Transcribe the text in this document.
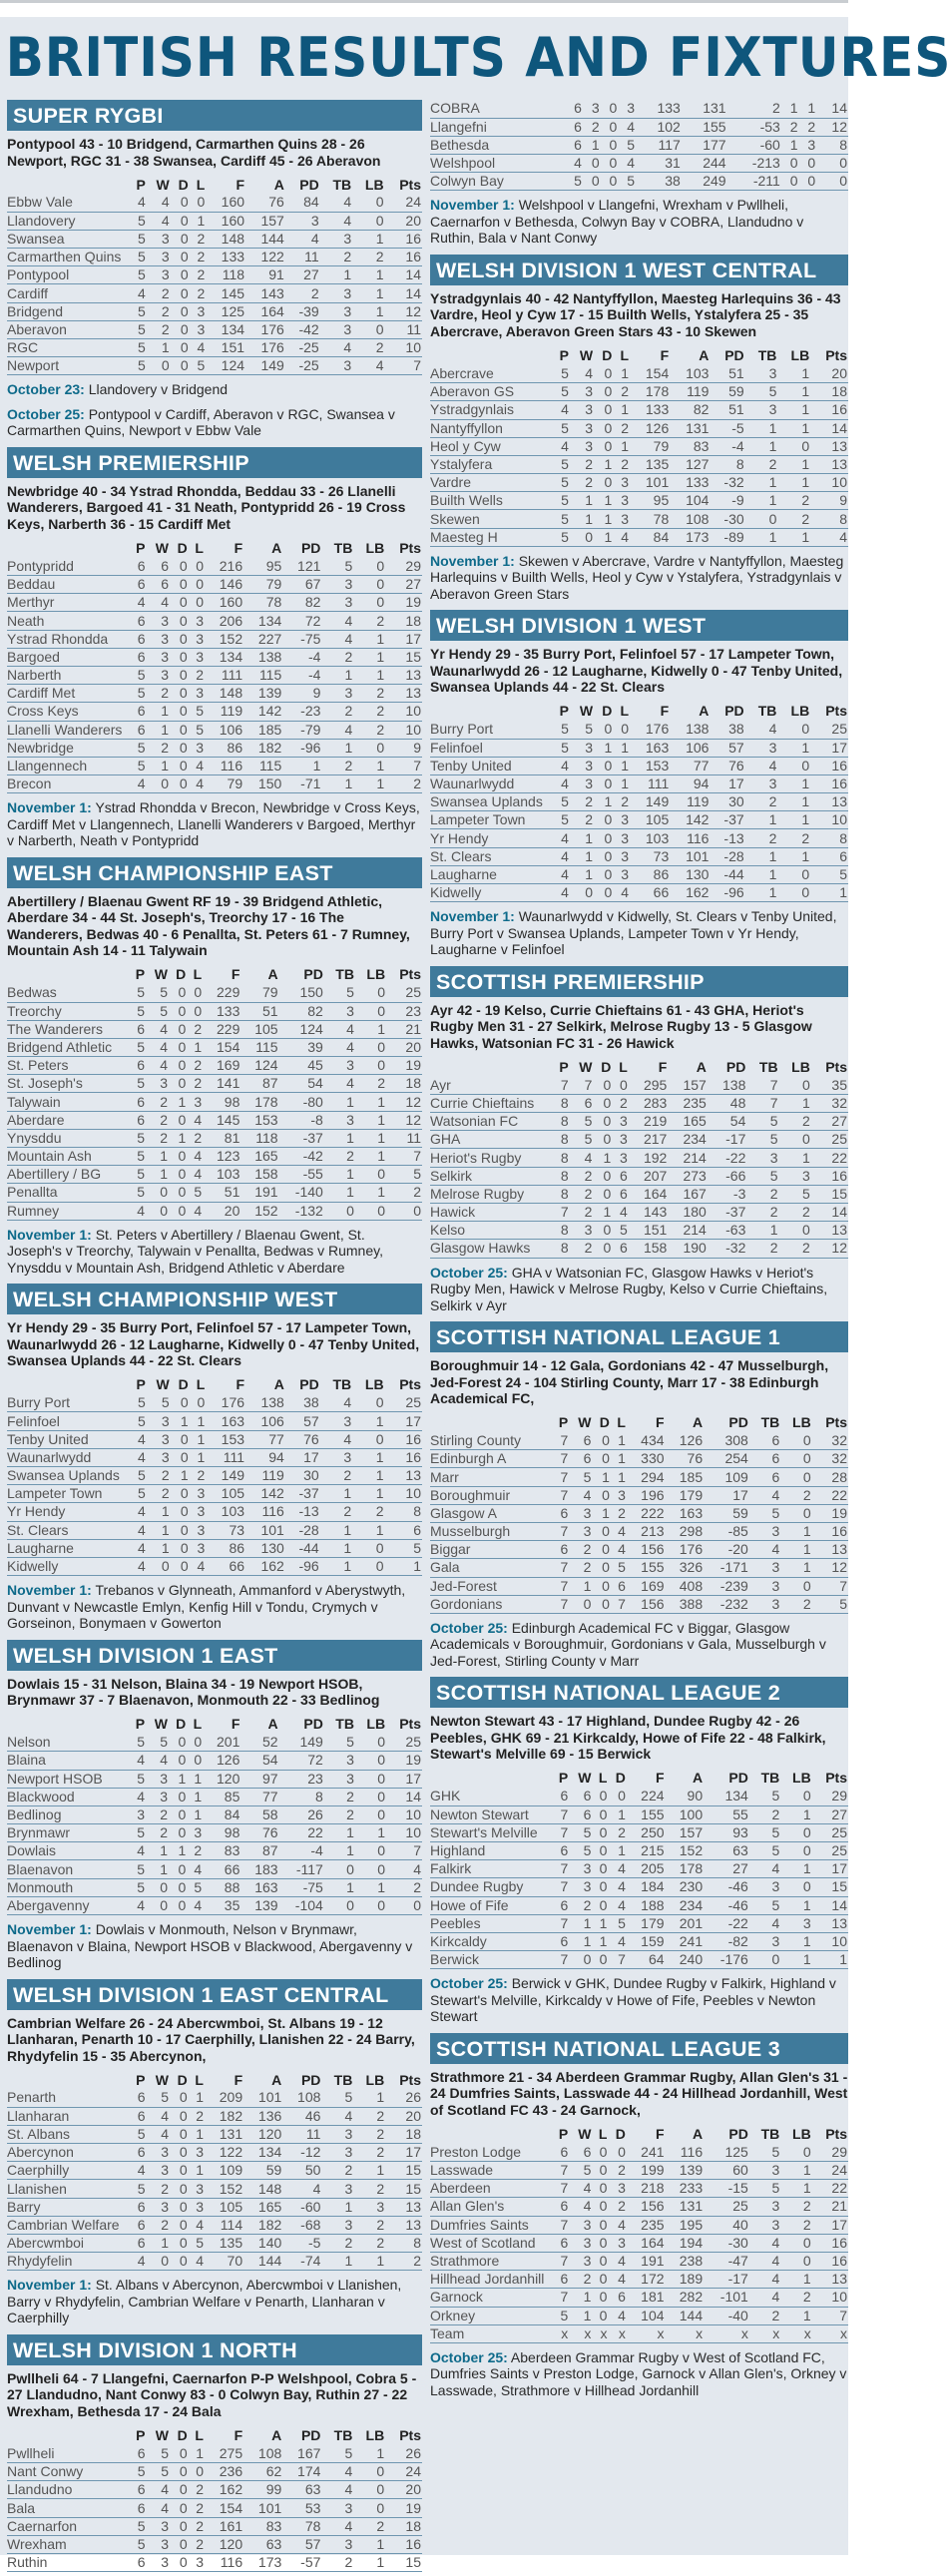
BRITISH RESULTS AND FIXTURES
SUPER RYGBI
Pontypool 43 - 10 Bridgend, Carmarthen Quins 28 - 26 Newport, RGC 31 - 38 Swansea, Cardiff 45 - 26 Aberavon
	P	W	D	L	F	A	PD	TB	LB	Pts
Ebbw Vale	4	4	0	0	160	76	84	4	0	24
Llandovery	5	4	0	1	160	157	3	4	0	20
Swansea	5	3	0	2	148	144	4	3	1	16
Carmarthen Quins	5	3	0	2	133	122	11	2	2	16
Pontypool	5	3	0	2	118	91	27	1	1	14
Cardiff	4	2	0	2	145	143	2	3	1	14
Bridgend	5	2	0	3	125	164	-39	3	1	12
Aberavon	5	2	0	3	134	176	-42	3	0	11
RGC	5	1	0	4	151	176	-25	4	2	10
Newport	5	0	0	5	124	149	-25	3	4	7
October 23: Llandovery v Bridgend
October 25: Pontypool v Cardiff, Aberavon v RGC, Swansea v Carmarthen Quins, Newport v Ebbw Vale
WELSH PREMIERSHIP
Newbridge 40 - 34 Ystrad Rhondda, Beddau 33 - 26 Llanelli Wanderers, Bargoed 41 - 31 Neath, Pontypridd 26 - 19 Cross Keys, Narberth 36 - 15 Cardiff Met
	P	W	D	L	F	A	PD	TB	LB	Pts
Pontypridd	6	6	0	0	216	95	121	5	0	29
Beddau	6	6	0	0	146	79	67	3	0	27
Merthyr	4	4	0	0	160	78	82	3	0	19
Neath	6	3	0	3	206	134	72	4	2	18
Ystrad Rhondda	6	3	0	3	152	227	-75	4	1	17
Bargoed	6	3	0	3	134	138	-4	2	1	15
Narberth	5	3	0	2	111	115	-4	1	1	13
Cardiff Met	5	2	0	3	148	139	9	3	2	13
Cross Keys	6	1	0	5	119	142	-23	2	2	10
Llanelli Wanderers	6	1	0	5	106	185	-79	4	2	10
Newbridge	5	2	0	3	86	182	-96	1	0	9
Llangennech	5	1	0	4	116	115	1	2	1	7
Brecon	4	0	0	4	79	150	-71	1	1	2
November 1: Ystrad Rhondda v Brecon, Newbridge v Cross Keys, Cardiff Met v Llangennech, Llanelli Wanderers v Bargoed, Merthyr v Narberth, Neath v Pontypridd
WELSH CHAMPIONSHIP EAST
Abertillery / Blaenau Gwent RF 19 - 39 Bridgend Athletic, Aberdare 34 - 44 St. Joseph's, Treorchy 17 - 16 The Wanderers, Bedwas 40 - 6 Penallta, St. Peters 61 - 7 Rumney, Mountain Ash 14 - 11 Talywain
	P	W	D	L	F	A	PD	TB	LB	Pts
Bedwas	5	5	0	0	229	79	150	5	0	25
Treorchy	5	5	0	0	133	51	82	3	0	23
The Wanderers	6	4	0	2	229	105	124	4	1	21
Bridgend Athletic	5	4	0	1	154	115	39	4	0	20
St. Peters	6	4	0	2	169	124	45	3	0	19
St. Joseph's	5	3	0	2	141	87	54	4	2	18
Talywain	6	2	1	3	98	178	-80	1	1	12
Aberdare	6	2	0	4	145	153	-8	3	1	12
Ynysddu	5	2	1	2	81	118	-37	1	1	11
Mountain Ash	5	1	0	4	123	165	-42	2	1	7
Abertillery / BG	5	1	0	4	103	158	-55	1	0	5
Penallta	5	0	0	5	51	191	-140	1	1	2
Rumney	4	0	0	4	20	152	-132	0	0	0
November 1: St. Peters v Abertillery / Blaenau Gwent, St. Joseph's v Treorchy, Talywain v Penallta, Bedwas v Rumney, Ynysddu v Mountain Ash, Bridgend Athletic v Aberdare
WELSH CHAMPIONSHIP WEST
Yr Hendy 29 - 35 Burry Port, Felinfoel 57 - 17 Lampeter Town, Waunarlwydd 26 - 12 Laugharne, Kidwelly 0 - 47 Tenby United, Swansea Uplands 44 - 22 St. Clears
	P	W	D	L	F	A	PD	TB	LB	Pts
Burry Port	5	5	0	0	176	138	38	4	0	25
Felinfoel	5	3	1	1	163	106	57	3	1	17
Tenby United	4	3	0	1	153	77	76	4	0	16
Waunarlwydd	4	3	0	1	111	94	17	3	1	16
Swansea Uplands	5	2	1	2	149	119	30	2	1	13
Lampeter Town	5	2	0	3	105	142	-37	1	1	10
Yr Hendy	4	1	0	3	103	116	-13	2	2	8
St. Clears	4	1	0	3	73	101	-28	1	1	6
Laugharne	4	1	0	3	86	130	-44	1	0	5
Kidwelly	4	0	0	4	66	162	-96	1	0	1
November 1: Trebanos v Glynneath, Ammanford v Aberystwyth, Dunvant v Newcastle Emlyn, Kenfig Hill v Tondu, Crymych v Gorseinon, Bonymaen v Gowerton
WELSH DIVISION 1 EAST
Dowlais 15 - 31 Nelson, Blaina 34 - 19 Newport HSOB, Brynmawr 37 - 7 Blaenavon, Monmouth 22 - 33 Bedlinog
	P	W	D	L	F	A	PD	TB	LB	Pts
Nelson	5	5	0	0	201	52	149	5	0	25
Blaina	4	4	0	0	126	54	72	3	0	19
Newport HSOB	5	3	1	1	120	97	23	3	0	17
Blackwood	4	3	0	1	85	77	8	2	0	14
Bedlinog	3	2	0	1	84	58	26	2	0	10
Brynmawr	5	2	0	3	98	76	22	1	1	10
Dowlais	4	1	1	2	83	87	-4	1	0	7
Blaenavon	5	1	0	4	66	183	-117	0	0	4
Monmouth	5	0	0	5	88	163	-75	1	1	2
Abergavenny	4	0	0	4	35	139	-104	0	0	0
November 1: Dowlais v Monmouth, Nelson v Brynmawr, Blaenavon v Blaina, Newport HSOB v Blackwood, Abergavenny v Bedlinog
WELSH DIVISION 1 EAST CENTRAL
Cambrian Welfare 26 - 24 Abercwmboi, St. Albans 19 - 12 Llanharan, Penarth 10 - 17 Caerphilly, Llanishen 22 - 24 Barry, Rhydyfelin 15 - 35 Abercynon,
	P	W	D	L	F	A	PD	TB	LB	Pts
Penarth	6	5	0	1	209	101	108	5	1	26
Llanharan	6	4	0	2	182	136	46	4	2	20
St. Albans	5	4	0	1	131	120	11	3	2	18
Abercynon	6	3	0	3	122	134	-12	3	2	17
Caerphilly	4	3	0	1	109	59	50	2	1	15
Llanishen	5	2	0	3	152	148	4	3	2	15
Barry	6	3	0	3	105	165	-60	1	3	13
Cambrian Welfare	6	2	0	4	114	182	-68	3	2	13
Abercwmboi	6	1	0	5	135	140	-5	2	2	8
Rhydyfelin	4	0	0	4	70	144	-74	1	1	2
November 1: St. Albans v Abercynon, Abercwmboi v Llanishen, Barry v Rhydyfelin, Cambrian Welfare v Penarth, Llanharan v Caerphilly
WELSH DIVISION 1 NORTH
Pwllheli 64 - 7 Llangefni, Caernarfon P-P Welshpool, Cobra 5 - 27 Llandudno, Nant Conwy 83 - 0 Colwyn Bay, Ruthin 27 - 22 Wrexham, Bethesda 17 - 24 Bala
	P	W	D	L	F	A	PD	TB	LB	Pts
Pwllheli	6	5	0	1	275	108	167	5	1	26
Nant Conwy	5	5	0	0	236	62	174	4	0	24
Llandudno	6	4	0	2	162	99	63	4	0	20
Bala	6	4	0	2	154	101	53	3	0	19
Caernarfon	5	3	0	2	161	83	78	4	2	18
Wrexham	5	3	0	2	120	63	57	3	1	16
Ruthin	6	3	0	3	116	173	-57	2	1	15
COBRA	6	3	0	3	133	131	2	1	1	14
Llangefni	6	2	0	4	102	155	-53	2	2	12
Bethesda	6	1	0	5	117	177	-60	1	3	8
Welshpool	4	0	0	4	31	244	-213	0	0	0
Colwyn Bay	5	0	0	5	38	249	-211	0	0	0
November 1: Welshpool v Llangefni, Wrexham v Pwllheli, Caernarfon v Bethesda, Colwyn Bay v COBRA, Llandudno v Ruthin, Bala v Nant Conwy
WELSH DIVISION 1 WEST CENTRAL
Ystradgynlais 40 - 42 Nantyffyllon, Maesteg Harlequins 36 - 43 Vardre, Heol y Cyw 17 - 15 Builth Wells, Ystalyfera 25 - 35 Abercrave, Aberavon Green Stars 43 - 10 Skewen
	P	W	D	L	F	A	PD	TB	LB	Pts
Abercrave	5	4	0	1	154	103	51	3	1	20
Aberavon GS	5	3	0	2	178	119	59	5	1	18
Ystradgynlais	4	3	0	1	133	82	51	3	1	16
Nantyffyllon	5	3	0	2	126	131	-5	1	1	14
Heol y Cyw	4	3	0	1	79	83	-4	1	0	13
Ystalyfera	5	2	1	2	135	127	8	2	1	13
Vardre	5	2	0	3	101	133	-32	1	1	10
Builth Wells	5	1	1	3	95	104	-9	1	2	9
Skewen	5	1	1	3	78	108	-30	0	2	8
Maesteg H	5	0	1	4	84	173	-89	1	1	4
November 1: Skewen v Abercrave, Vardre v Nantyffyllon, Maesteg Harlequins v Builth Wells, Heol y Cyw v Ystalyfera, Ystradgynlais v Aberavon Green Stars
WELSH DIVISION 1 WEST
Yr Hendy 29 - 35 Burry Port, Felinfoel 57 - 17 Lampeter Town, Waunarlwydd 26 - 12 Laugharne, Kidwelly 0 - 47 Tenby United, Swansea Uplands 44 - 22 St. Clears
	P	W	D	L	F	A	PD	TB	LB	Pts
Burry Port	5	5	0	0	176	138	38	4	0	25
Felinfoel	5	3	1	1	163	106	57	3	1	17
Tenby United	4	3	0	1	153	77	76	4	0	16
Waunarlwydd	4	3	0	1	111	94	17	3	1	16
Swansea Uplands	5	2	1	2	149	119	30	2	1	13
Lampeter Town	5	2	0	3	105	142	-37	1	1	10
Yr Hendy	4	1	0	3	103	116	-13	2	2	8
St. Clears	4	1	0	3	73	101	-28	1	1	6
Laugharne	4	1	0	3	86	130	-44	1	0	5
Kidwelly	4	0	0	4	66	162	-96	1	0	1
November 1: Waunarlwydd v Kidwelly, St. Clears v Tenby United, Burry Port v Swansea Uplands, Lampeter Town v Yr Hendy, Laugharne v Felinfoel
SCOTTISH PREMIERSHIP
Ayr 42 - 19 Kelso, Currie Chieftains 61 - 43 GHA, Heriot's Rugby Men 31 - 27 Selkirk, Melrose Rugby 13 - 5 Glasgow Hawks, Watsonian FC 31 - 26 Hawick
	P	W	D	L	F	A	PD	TB	LB	Pts
Ayr	7	7	0	0	295	157	138	7	0	35
Currie Chieftains	8	6	0	2	283	235	48	7	1	32
Watsonian FC	8	5	0	3	219	165	54	5	2	27
GHA	8	5	0	3	217	234	-17	5	0	25
Heriot's Rugby	8	4	1	3	192	214	-22	3	1	22
Selkirk	8	2	0	6	207	273	-66	5	3	16
Melrose Rugby	8	2	0	6	164	167	-3	2	5	15
Hawick	7	2	1	4	143	180	-37	2	2	14
Kelso	8	3	0	5	151	214	-63	1	0	13
Glasgow Hawks	8	2	0	6	158	190	-32	2	2	12
October 25: GHA v Watsonian FC, Glasgow Hawks v Heriot's Rugby Men, Hawick v Melrose Rugby, Kelso v Currie Chieftains, Selkirk v Ayr
SCOTTISH NATIONAL LEAGUE 1
Boroughmuir 14 - 12 Gala, Gordonians 42 - 47 Musselburgh, Jed-Forest 24 - 104 Stirling County, Marr 17 - 38 Edinburgh Academical FC,
	P	W	D	L	F	A	PD	TB	LB	Pts
Stirling County	7	6	0	1	434	126	308	6	0	32
Edinburgh A	7	6	0	1	330	76	254	6	0	32
Marr	7	5	1	1	294	185	109	6	0	28
Boroughmuir	7	4	0	3	196	179	17	4	2	22
Glasgow A	6	3	1	2	222	163	59	5	0	19
Musselburgh	7	3	0	4	213	298	-85	3	1	16
Biggar	6	2	0	4	156	176	-20	4	1	13
Gala	7	2	0	5	155	326	-171	3	1	12
Jed-Forest	7	1	0	6	169	408	-239	3	0	7
Gordonians	7	0	0	7	156	388	-232	3	2	5
October 25: Edinburgh Academical FC v Biggar, Glasgow Academicals v Boroughmuir, Gordonians v Gala, Musselburgh v Jed-Forest, Stirling County v Marr
SCOTTISH NATIONAL LEAGUE 2
Newton Stewart 43 - 17 Highland, Dundee Rugby 42 - 26 Peebles, GHK 69 - 21 Kirkcaldy, Howe of Fife 22 - 48 Falkirk, Stewart's Melville 69 - 15 Berwick
	P	W	L	D	F	A	PD	TB	LB	Pts
GHK	6	6	0	0	224	90	134	5	0	29
Newton Stewart	7	6	0	1	155	100	55	2	1	27
Stewart's Melville	7	5	0	2	250	157	93	5	0	25
Highland	6	5	0	1	215	152	63	5	0	25
Falkirk	7	3	0	4	205	178	27	4	1	17
Dundee Rugby	7	3	0	4	184	230	-46	3	0	15
Howe of Fife	6	2	0	4	188	234	-46	5	1	14
Peebles	7	1	1	5	179	201	-22	4	3	13
Kirkcaldy	6	1	1	4	159	241	-82	3	1	10
Berwick	7	0	0	7	64	240	-176	0	1	1
October 25: Berwick v GHK, Dundee Rugby v Falkirk, Highland v Stewart's Melville, Kirkcaldy v Howe of Fife, Peebles v Newton Stewart
SCOTTISH NATIONAL LEAGUE 3
Strathmore 21 - 34 Aberdeen Grammar Rugby, Allan Glen's 31 - 24 Dumfries Saints, Lasswade 44 - 24 Hillhead Jordanhill, West of Scotland FC 43 - 24 Garnock,
	P	W	L	D	F	A	PD	TB	LB	Pts
Preston Lodge	6	6	0	0	241	116	125	5	0	29
Lasswade	7	5	0	2	199	139	60	3	1	24
Aberdeen	7	4	0	3	218	233	-15	5	1	22
Allan Glen's	6	4	0	2	156	131	25	3	2	21
Dumfries Saints	7	3	0	4	235	195	40	3	2	17
West of Scotland	6	3	0	3	164	194	-30	4	0	16
Strathmore	7	3	0	4	191	238	-47	4	0	16
Hillhead Jordanhill	6	2	0	4	172	189	-17	4	1	13
Garnock	7	1	0	6	181	282	-101	4	2	10
Orkney	5	1	0	4	104	144	-40	2	1	7
Team	x	x	x	x	x	x	x	x	x	x
October 25: Aberdeen Grammar Rugby v West of Scotland FC, Dumfries Saints v Preston Lodge, Garnock v Allan Glen's, Orkney v Lasswade, Strathmore v Hillhead Jordanhill
